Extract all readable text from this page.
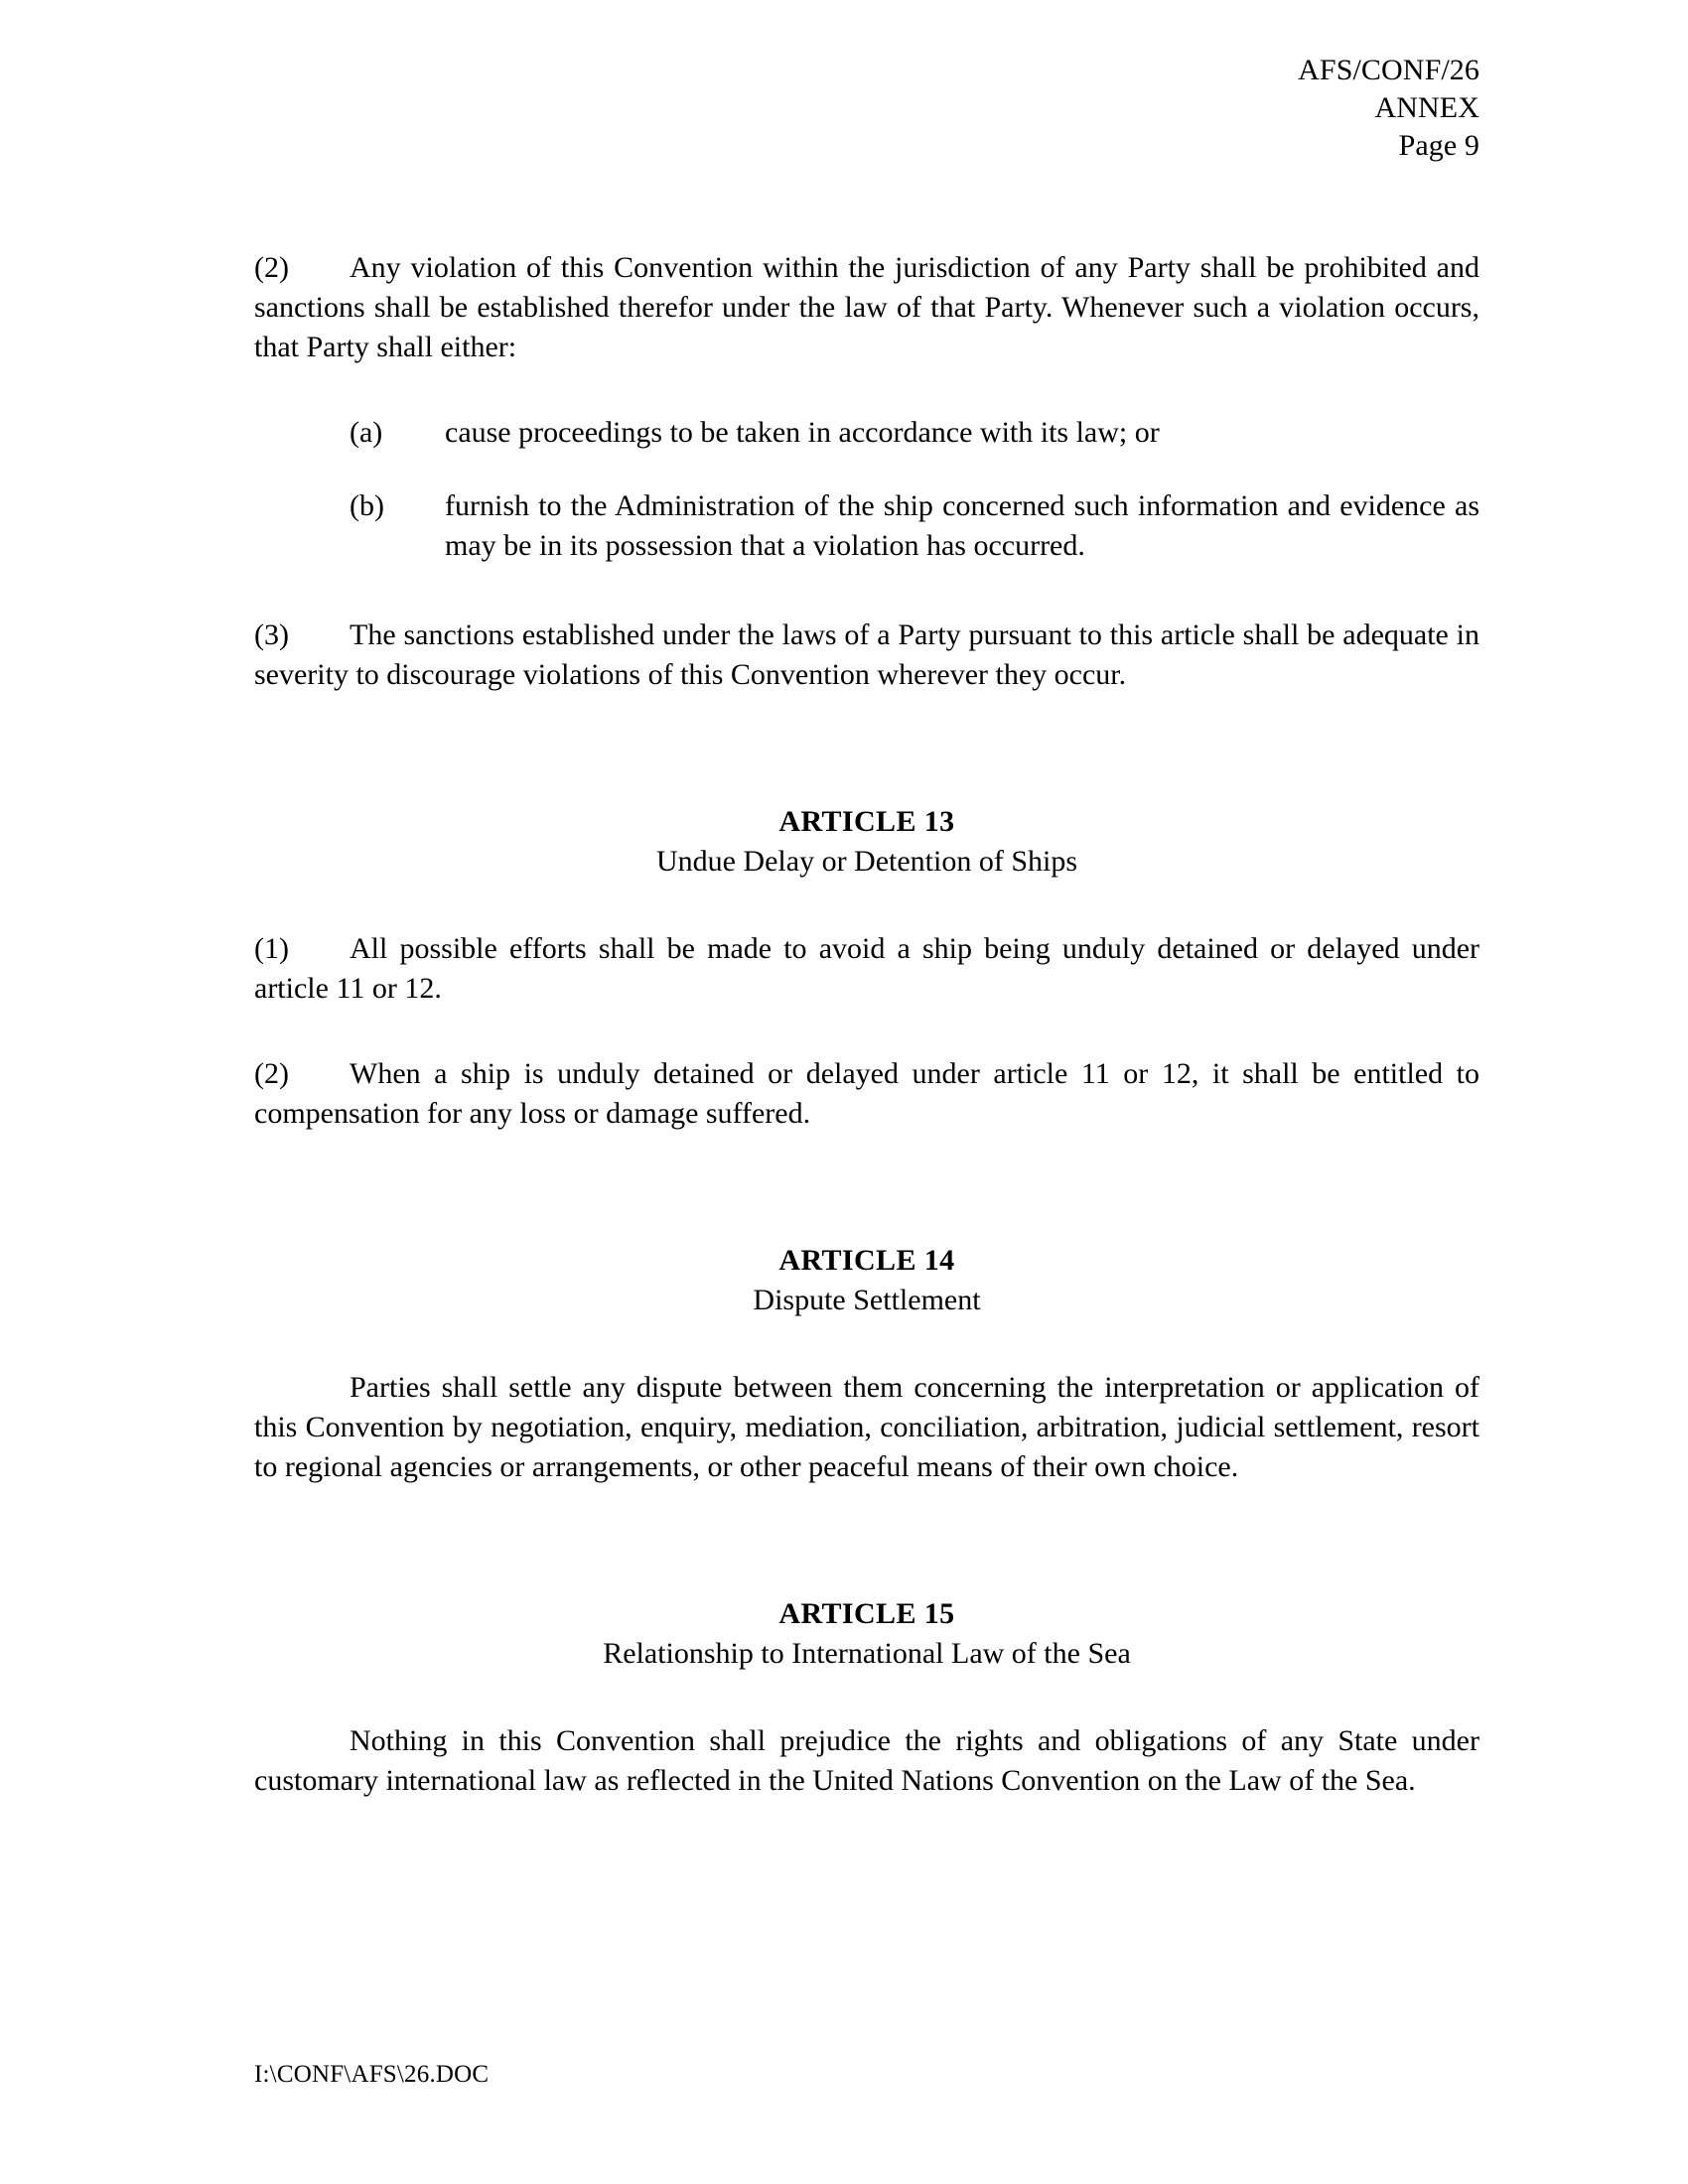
AFS/CONF/26
ANNEX
Page 9

(2) Any violation of this Convention within the jurisdiction of any Party shall be prohibited and sanctions shall be established therefor under the law of that Party. Whenever such a violation occurs, that Party shall either:

(a)	cause proceedings to be taken in accordance with its law; or
(b)	furnish to the Administration of the ship concerned such information and evidence as may be in its possession that a violation has occurred.

(3) The sanctions established under the laws of a Party pursuant to this article shall be adequate in severity to discourage violations of this Convention wherever they occur.

ARTICLE 13
Undue Delay or Detention of Ships

(1) All possible efforts shall be made to avoid a ship being unduly detained or delayed under article 11 or 12.

(2) When a ship is unduly detained or delayed under article 11 or 12, it shall be entitled to compensation for any loss or damage suffered.

ARTICLE 14
Dispute Settlement

Parties shall settle any dispute between them concerning the interpretation or application of this Convention by negotiation, enquiry, mediation, conciliation, arbitration, judicial settlement, resort to regional agencies or arrangements, or other peaceful means of their own choice.

ARTICLE 15
Relationship to International Law of the Sea

Nothing in this Convention shall prejudice the rights and obligations of any State under customary international law as reflected in the United Nations Convention on the Law of the Sea.

I:\CONF\AFS\26.DOC
